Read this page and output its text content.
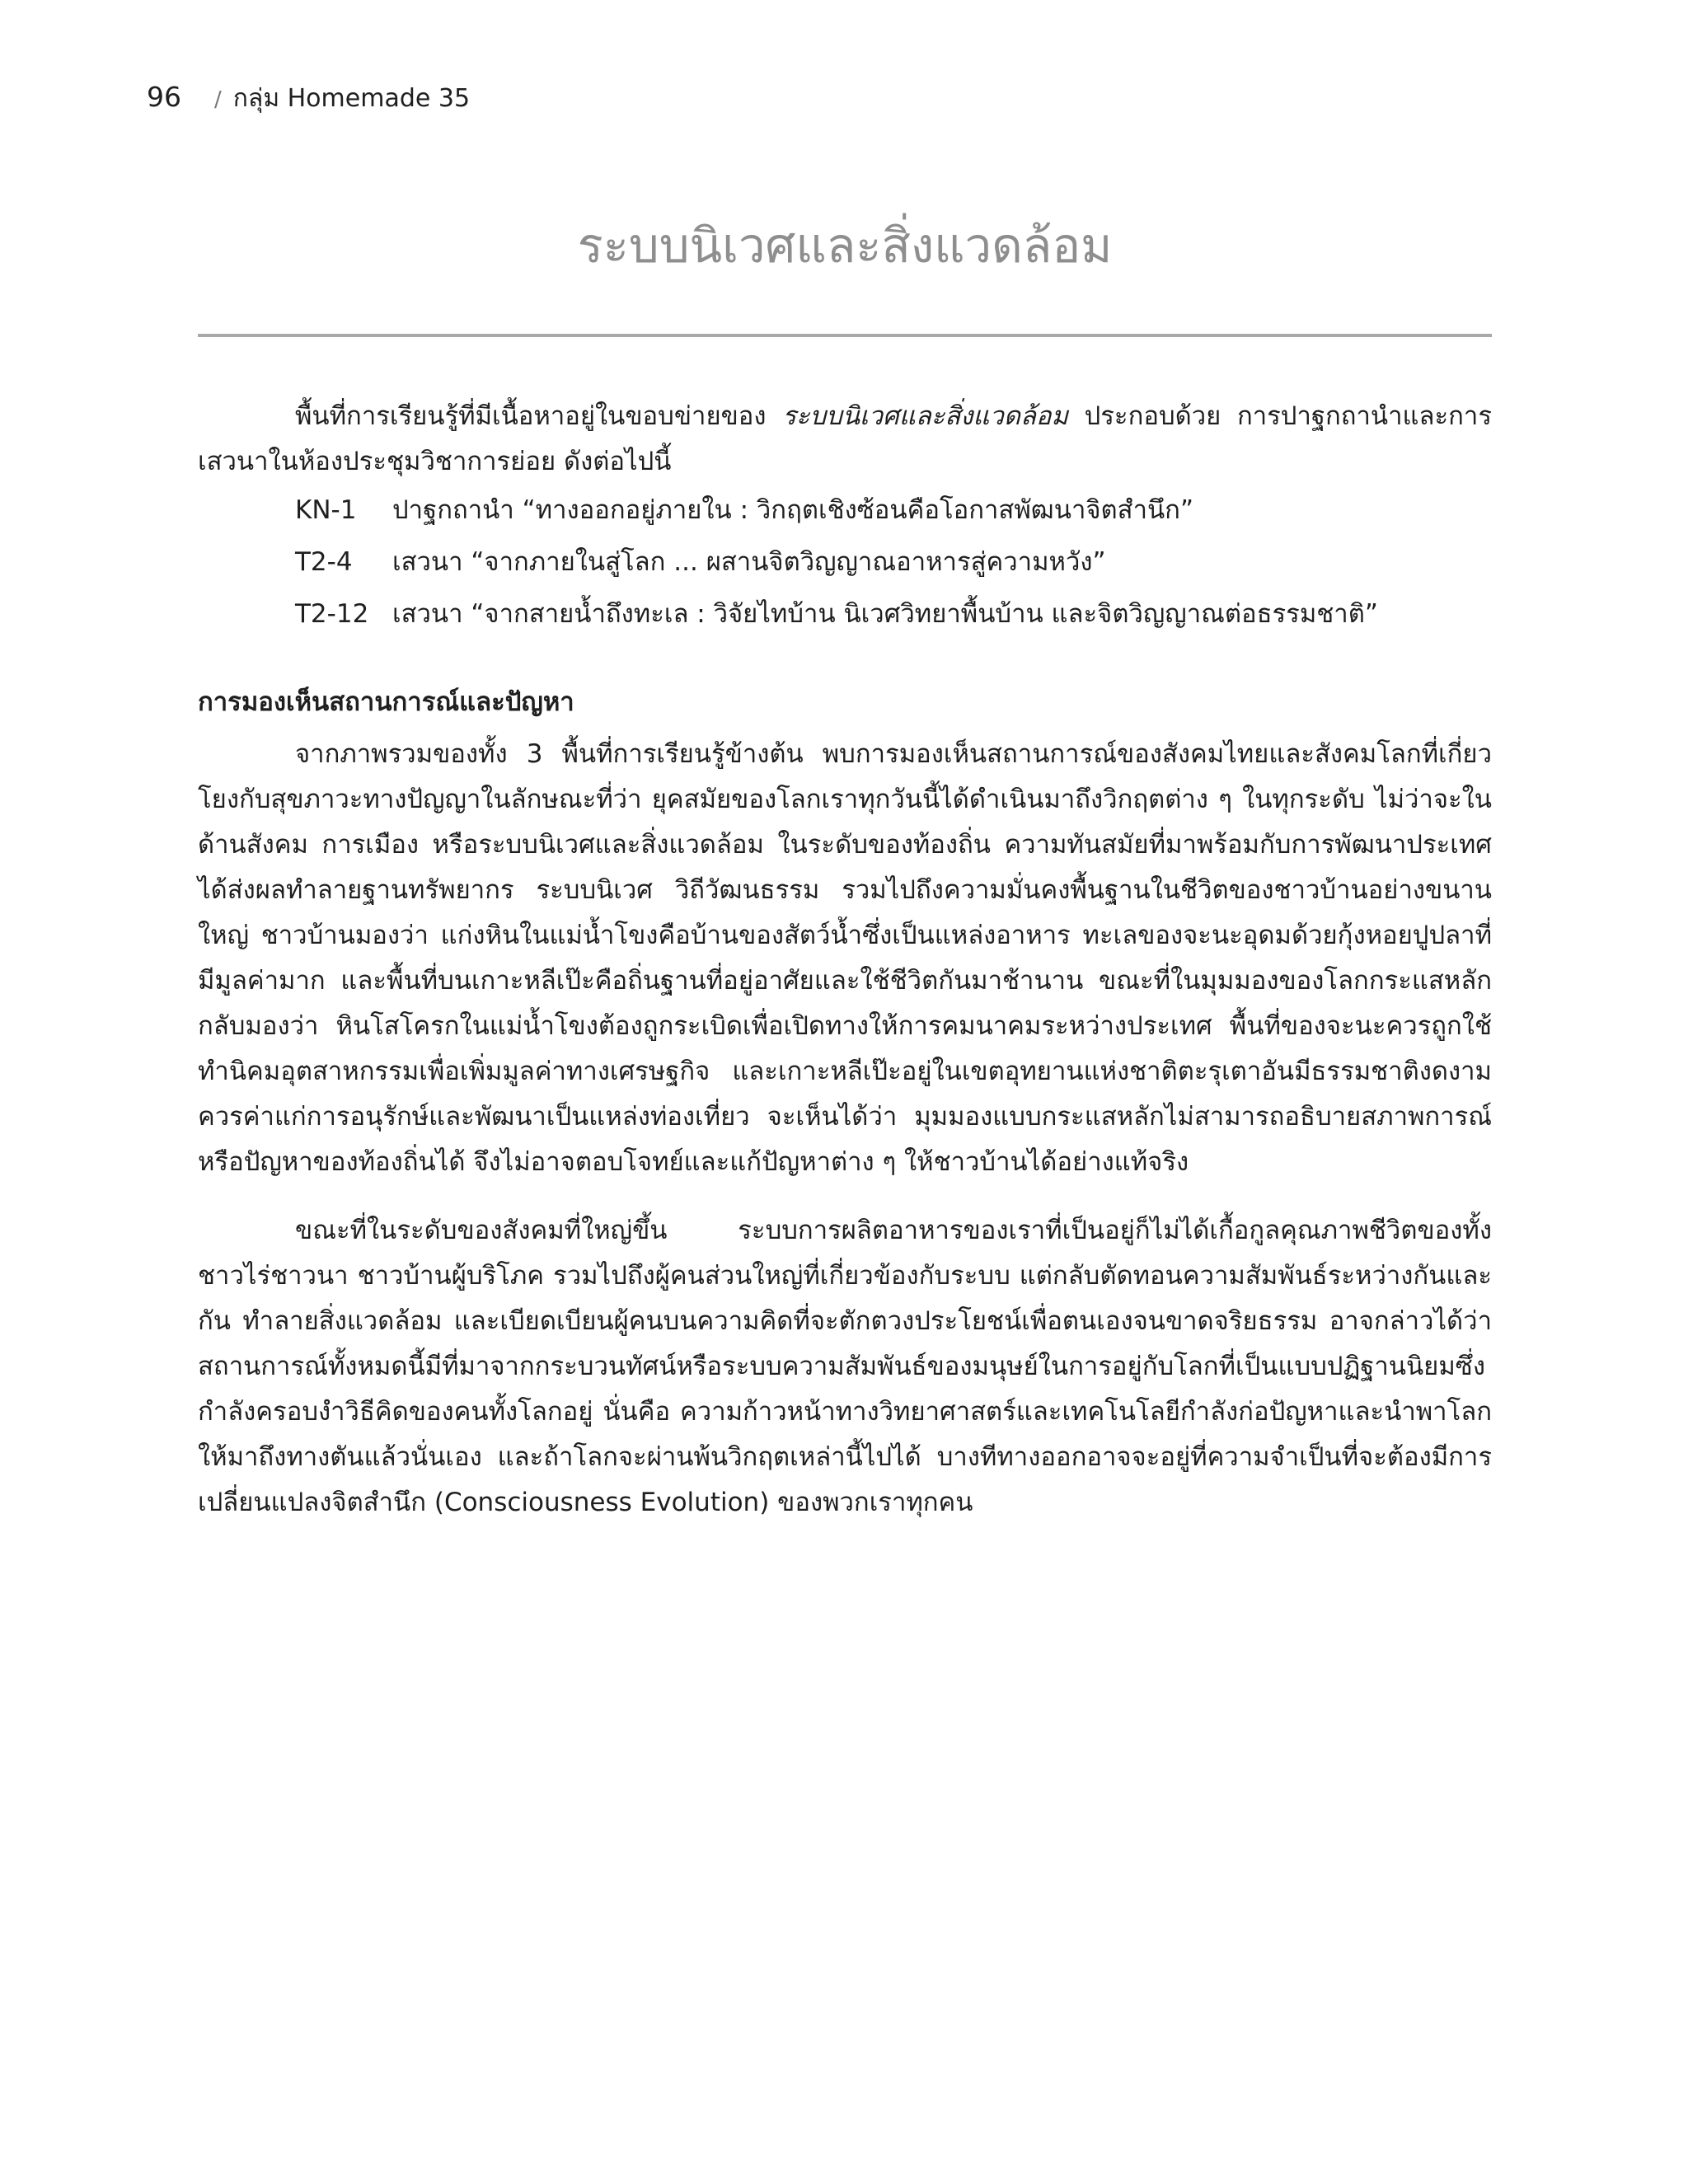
96 / กลุ่ม Homemade 35
ระบบนิเวศและสิ่งแวดล้อม

พื้นที่การเรียนรู้ที่มีเนื้อหาอยู่ในขอบข่ายของ ระบบนิเวศและสิ่งแวดล้อม ประกอบด้วย การปาฐกถานำและการเสวนาในห้องประชุมวิชาการย่อย ดังต่อไปนี้

KN-1	ปาฐกถานำ “ทางออกอยู่ภายใน : วิกฤตเชิงซ้อนคือโอกาสพัฒนาจิตสำนึก”
T2-4	เสวนา “จากภายในสู่โลก ... ผสานจิตวิญญาณอาหารสู่ความหวัง”
T2-12 เสวนา “จากสายน้ำถึงทะเล : วิจัยไทบ้าน นิเวศวิทยาพื้นบ้าน และจิตวิญญาณต่อธรรมชาติ”
การมองเห็นสถานการณ์และปัญหา

จากภาพรวมของทั้ง 3 พื้นที่การเรียนรู้ข้างต้น พบการมองเห็นสถานการณ์ของสังคมไทยและสังคมโลกที่เกี่ยวโยงกับสุขภาวะทางปัญญาในลักษณะที่ว่า ยุคสมัยของโลกเราทุกวันนี้ได้ดำเนินมาถึงวิกฤตต่าง ๆ ในทุกระดับ ไม่ว่าจะในด้านสังคม การเมือง หรือระบบนิเวศและสิ่งแวดล้อม ในระดับของท้องถิ่น ความทันสมัยที่มาพร้อมกับการพัฒนาประเทศได้ส่งผลทำลายฐานทรัพยากร ระบบนิเวศ วิถีวัฒนธรรม รวมไปถึงความมั่นคงพื้นฐานในชีวิตของชาวบ้านอย่างขนานใหญ่ ชาวบ้านมองว่า แก่งหินในแม่น้ำโขงคือบ้านของสัตว์น้ำซึ่งเป็นแหล่งอาหาร ทะเลของจะนะอุดมด้วยกุ้งหอยปูปลาที่มีมูลค่ามาก และพื้นที่บนเกาะหลีเป๊ะคือถิ่นฐานที่อยู่อาศัยและใช้ชีวิตกันมาช้านาน ขณะที่ในมุมมองของโลกกระแสหลักกลับมองว่า หินโสโครกในแม่น้ำโขงต้องถูกระเบิดเพื่อเปิดทางให้การคมนาคมระหว่างประเทศ พื้นที่ของจะนะควรถูกใช้ทำนิคมอุตสาหกรรมเพื่อเพิ่มมูลค่าทางเศรษฐกิจ และเกาะหลีเป๊ะอยู่ในเขตอุทยานแห่งชาติตะรุเตาอันมีธรรมชาติงดงามควรค่าแก่การอนุรักษ์และพัฒนาเป็นแหล่งท่องเที่ยว จะเห็นได้ว่า มุมมองแบบกระแสหลักไม่สามารถอธิบายสภาพการณ์หรือปัญหาของท้องถิ่นได้ จึงไม่อาจตอบโจทย์และแก้ปัญหาต่าง ๆ ให้ชาวบ้านได้อย่างแท้จริง

ขณะที่ในระดับของสังคมที่ใหญ่ขึ้น ระบบการผลิตอาหารของเราที่เป็นอยู่ก็ไม่ได้เกื้อกูลคุณภาพชีวิตของทั้งชาวไร่ชาวนา ชาวบ้านผู้บริโภค รวมไปถึงผู้คนส่วนใหญ่ที่เกี่ยวข้องกับระบบ แต่กลับตัดทอนความสัมพันธ์ระหว่างกันและกัน ทำลายสิ่งแวดล้อม และเบียดเบียนผู้คนบนความคิดที่จะตักตวงประโยชน์เพื่อตนเองจนขาดจริยธรรม อาจกล่าวได้ว่า สถานการณ์ทั้งหมดนี้มีที่มาจากกระบวนทัศน์หรือระบบความสัมพันธ์ของมนุษย์ในการอยู่กับโลกที่เป็นแบบปฏิฐานนิยมซึ่งกำลังครอบงำวิธีคิดของคนทั้งโลกอยู่ นั่นคือ ความก้าวหน้าทางวิทยาศาสตร์และเทคโนโลยีกำลังก่อปัญหาและนำพาโลกให้มาถึงทางตันแล้วนั่นเอง และถ้าโลกจะผ่านพ้นวิกฤตเหล่านี้ไปได้ บางทีทางออกอาจจะอยู่ที่ความจำเป็นที่จะต้องมีการเปลี่ยนแปลงจิตสำนึก (Consciousness Evolution) ของพวกเราทุกคน
